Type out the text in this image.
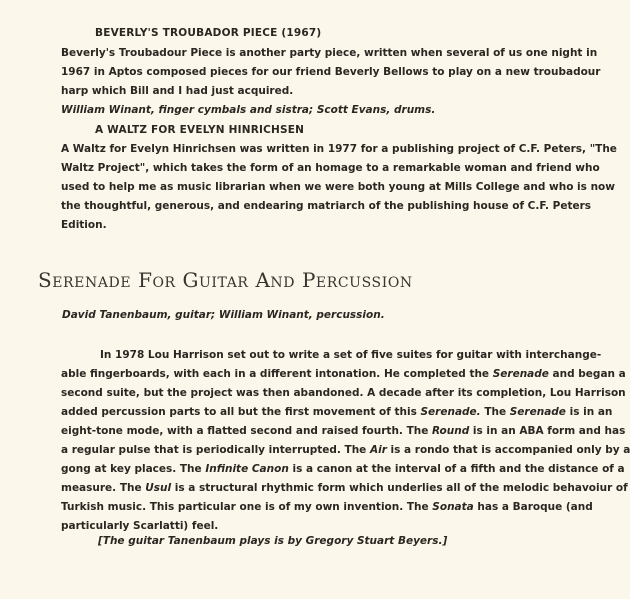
BEVERLY'S TROUBADOR PIECE (1967)
Beverly's Troubadour Piece is another party piece, written when several of us one night in
1967 in Aptos composed pieces for our friend Beverly Bellows to play on a new troubadour
harp which Bill and I had just acquired.
William Winant, finger cymbals and sistra; Scott Evans, drums.
A WALTZ FOR EVELYN HINRICHSEN
A Waltz for Evelyn Hinrichsen was written in 1977 for a publishing project of C.F. Peters, "The
Waltz Project", which takes the form of an homage to a remarkable woman and friend who
used to help me as music librarian when we were both young at Mills College and who is now
the thoughtful, generous, and endearing matriarch of the publishing house of C.F. Peters
Edition.
SERENADE FOR GUITAR AND PERCUSSION
David Tanenbaum, guitar; William Winant, percussion.
In 1978 Lou Harrison set out to write a set of five suites for guitar with interchange-
able fingerboards, with each in a different intonation. He completed the Serenade and began a
second suite, but the project was then abandoned. A decade after its completion, Lou Harrison
added percussion parts to all but the first movement of this Serenade. The Serenade is in an
eight-tone mode, with a flatted second and raised fourth. The Round is in an ABA form and has
a regular pulse that is periodically interrupted. The Air is a rondo that is accompanied only by a
gong at key places. The Infinite Canon is a canon at the interval of a fifth and the distance of a
measure. The Usul is a structural rhythmic form which underlies all of the melodic behavoiur of
Turkish music. This particular one is of my own invention. The Sonata has a Baroque (and
particularly Scarlatti) feel.
[The guitar Tanenbaum plays is by Gregory Stuart Beyers.]
